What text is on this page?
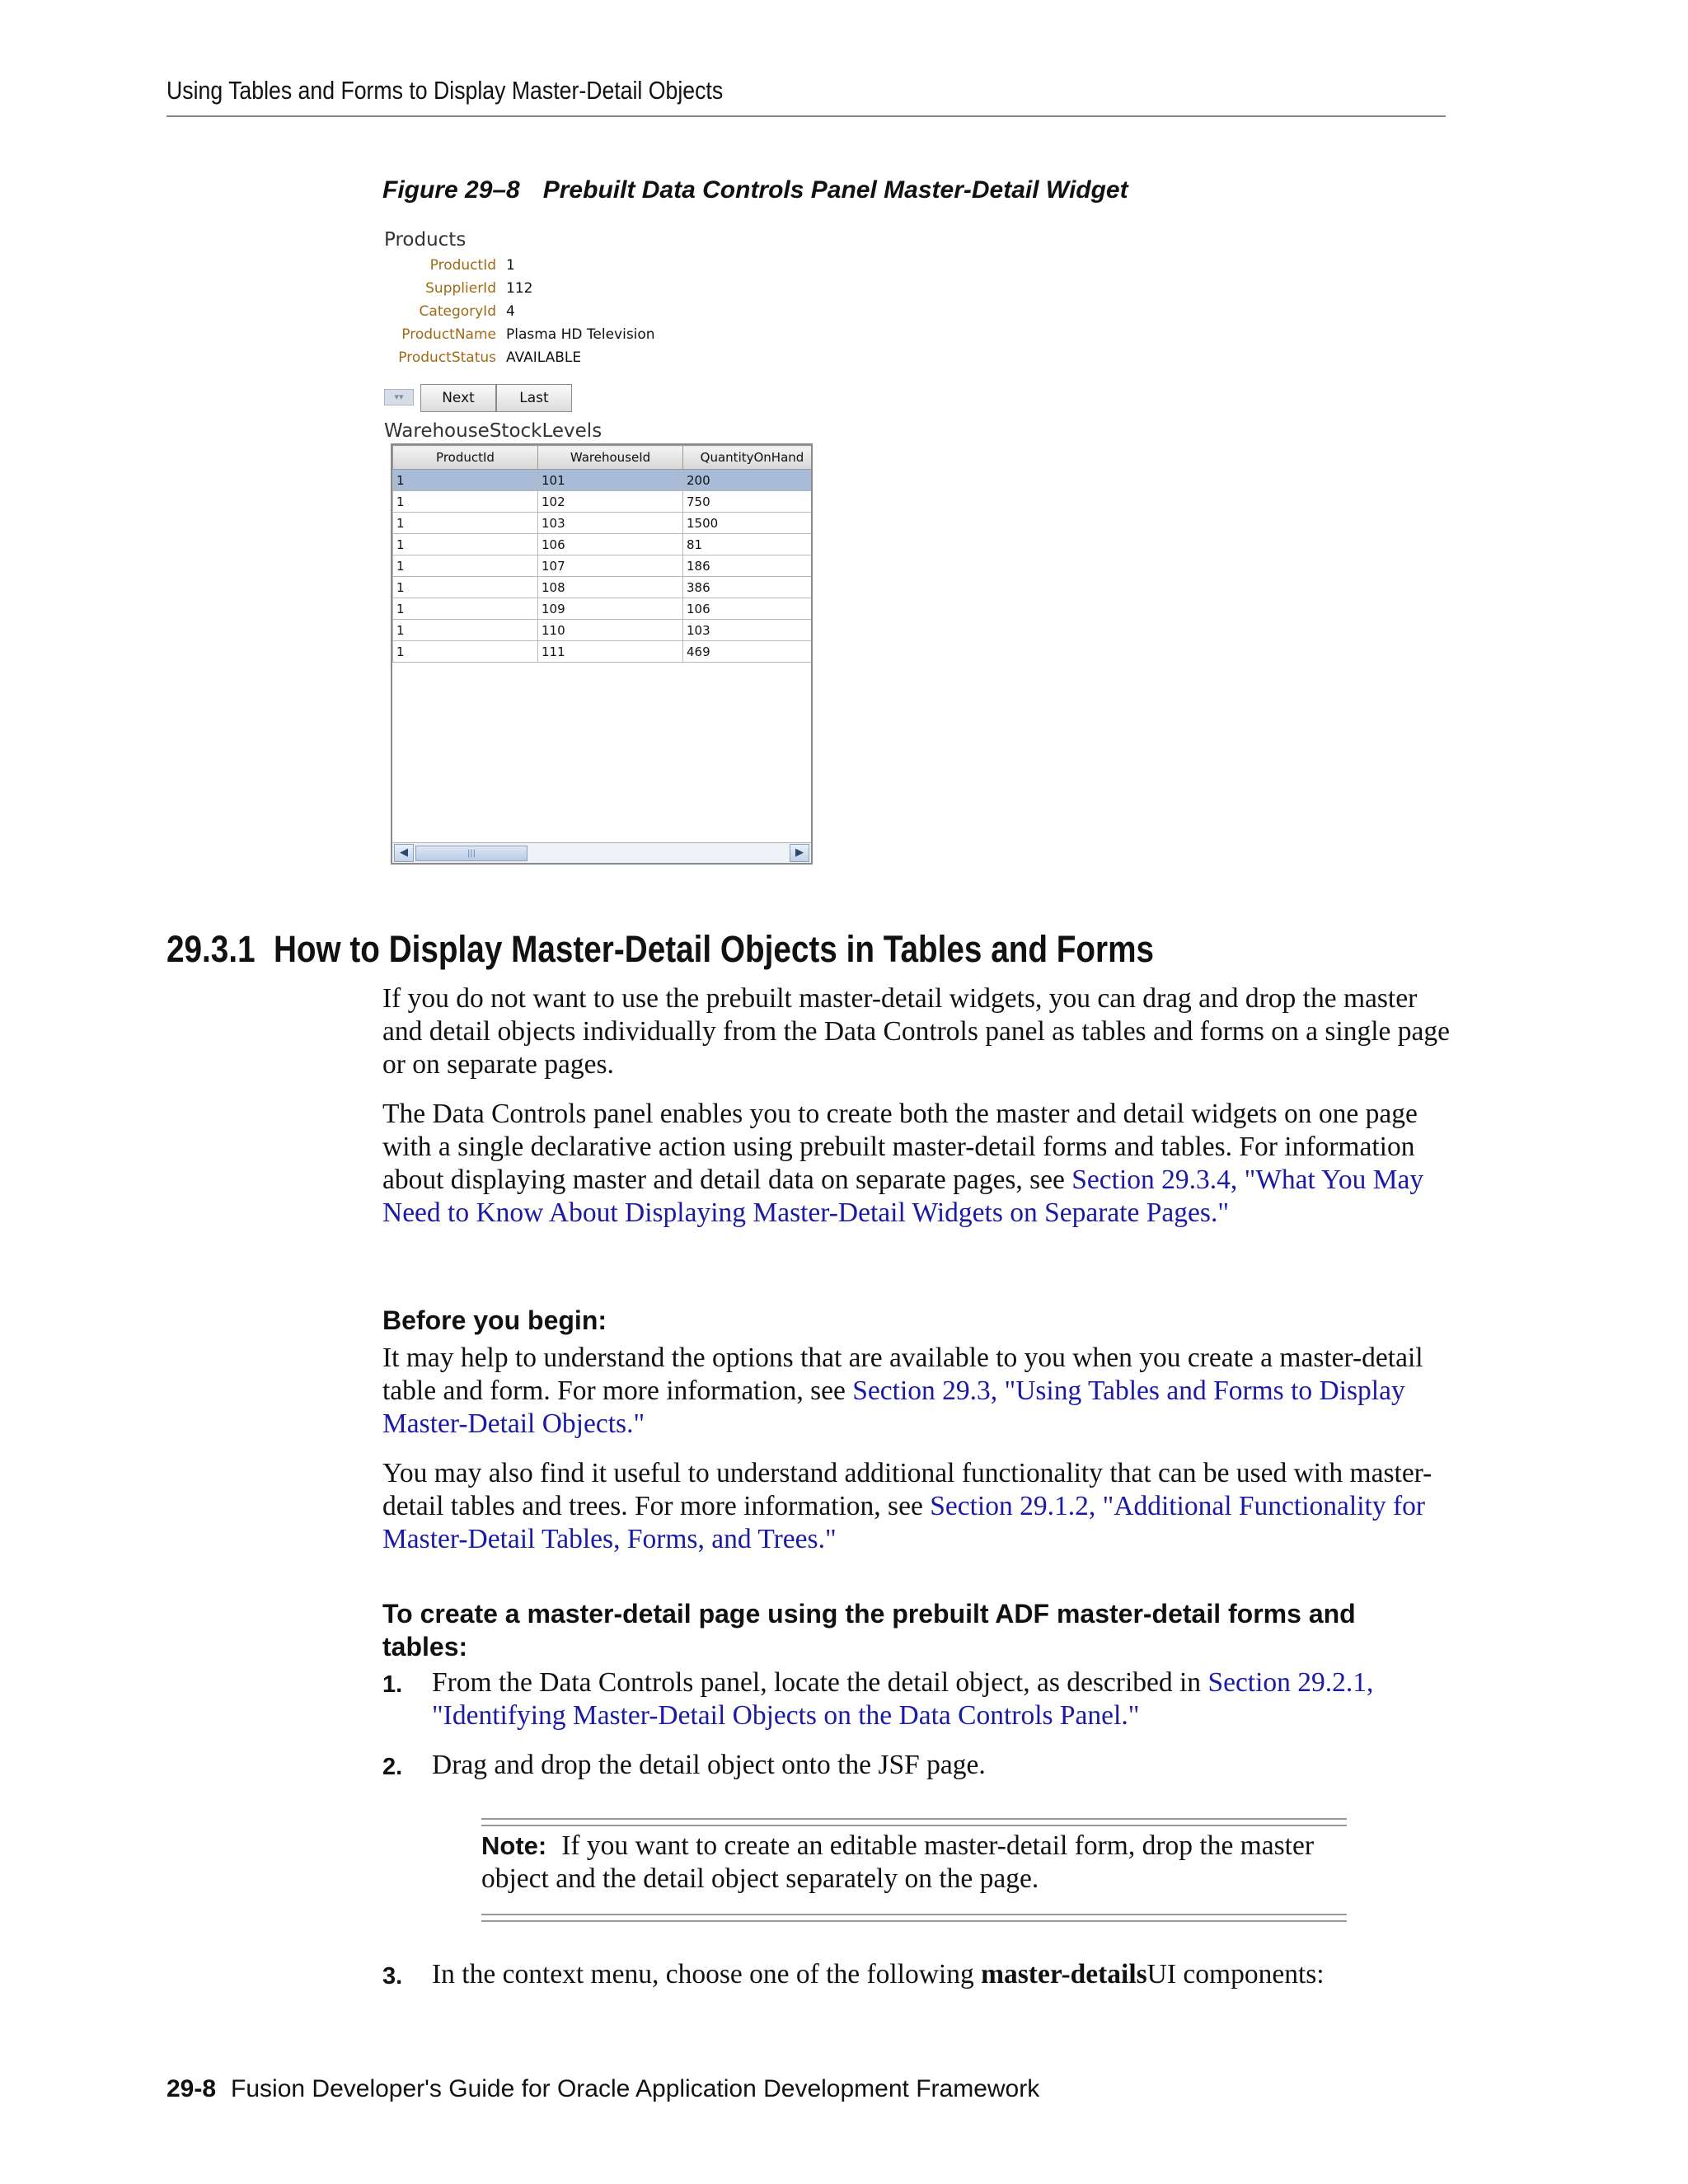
Using Tables and Forms to Display Master-Detail Objects
Figure 29–8 Prebuilt Data Controls Panel Master-Detail Widget
Products
ProductId 1
SupplierId 112
CategoryId 4
ProductName Plasma HD Television
ProductStatus AVAILABLE
▾▾	Next	Last
WarehouseStockLevels
ProductId	WarehouseId	QuantityOnHand
1	101	200
1	102	750
1	103	1500
1	106	81
1	107	186
1	108	386
1	109	106
1	110	103
1	111	469
◀	|||	▶
29.3.1 How to Display Master-Detail Objects in Tables and Forms
If you do not want to use the prebuilt master-detail widgets, you can drag and drop the master and detail objects individually from the Data Controls panel as tables and forms on a single page or on separate pages.
The Data Controls panel enables you to create both the master and detail widgets on one page with a single declarative action using prebuilt master-detail forms and tables. For information about displaying master and detail data on separate pages, see Section 29.3.4, "What You May Need to Know About Displaying Master-Detail Widgets on Separate Pages."
Before you begin:
It may help to understand the options that are available to you when you create a master-detail table and form. For more information, see Section 29.3, "Using Tables and Forms to Display Master-Detail Objects."
You may also find it useful to understand additional functionality that can be used with master-detail tables and trees. For more information, see Section 29.1.2, "Additional Functionality for Master-Detail Tables, Forms, and Trees."
To create a master-detail page using the prebuilt ADF master-detail forms and tables:
1. From the Data Controls panel, locate the detail object, as described in Section 29.2.1, "Identifying Master-Detail Objects on the Data Controls Panel."
2. Drag and drop the detail object onto the JSF page.
Note: If you want to create an editable master-detail form, drop the master object and the detail object separately on the page.
3. In the context menu, choose one of the following master-detailsUI components:
29-8 Fusion Developer's Guide for Oracle Application Development Framework
